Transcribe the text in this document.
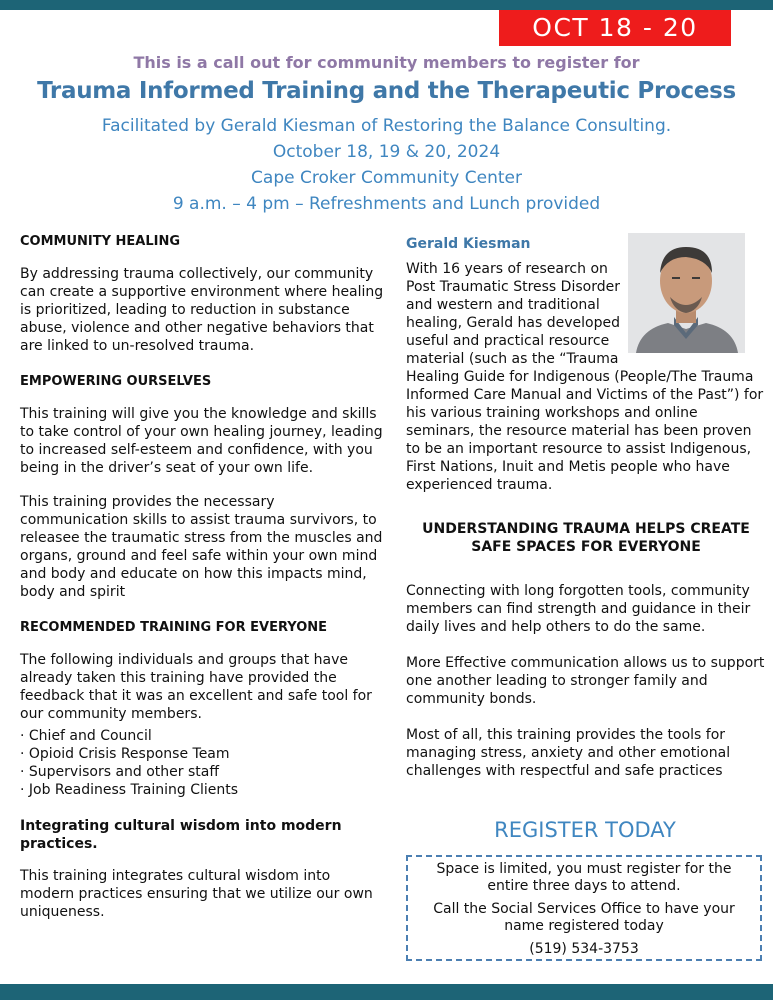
OCT 18 - 20
This is a call out for community members to register for
Trauma Informed Training and the Therapeutic Process
Facilitated by Gerald Kiesman of Restoring the Balance Consulting.
October 18, 19 & 20, 2024
Cape Croker Community Center
9 a.m. – 4 pm – Refreshments and Lunch provided

COMMUNITY HEALING

By addressing trauma collectively, our community can create a supportive environment where healing is prioritized, leading to reduction in substance abuse, violence and other negative behaviors that are linked to un-resolved trauma.

EMPOWERING OURSELVES

This training will give you the knowledge and skills to take control of your own healing journey, leading to increased self-esteem and confidence, with you being in the driver’s seat of your own life.

This training provides the necessary communication skills to assist trauma survivors, to releasee the traumatic stress from the muscles and organs, ground and feel safe within your own mind and body and educate on how this impacts mind, body and spirit

RECOMMENDED TRAINING FOR EVERYONE

The following individuals and groups that have already taken this training have provided the feedback that it was an excellent and safe tool for our community members.

· Chief and Council
· Opioid Crisis Response Team
· Supervisors and other staff
· Job Readiness Training Clients

Integrating cultural wisdom into modern practices.

This training integrates cultural wisdom into modern practices ensuring that we utilize our own uniqueness.

Gerald Kiesman

With 16 years of research on Post Traumatic Stress Disorder and western and traditional healing, Gerald has developed useful and practical resource material (such as the “Trauma Healing Guide for Indigenous (People/The Trauma Informed Care Manual and Victims of the Past”) for his various training workshops and online seminars, the resource material has been proven to be an important resource to assist Indigenous, First Nations, Inuit and Metis people who have experienced trauma.

UNDERSTANDING TRAUMA HELPS CREATE SAFE SPACES FOR EVERYONE

Connecting with long forgotten tools, community members can find strength and guidance in their daily lives and help others to do the same.

More Effective communication allows us to support one another leading to stronger family and community bonds.

Most of all, this training provides the tools for managing stress, anxiety and other emotional challenges with respectful and safe practices

REGISTER TODAY

Space is limited, you must register for the entire three days to attend.

Call the Social Services Office to have your name registered today

(519) 534-3753
